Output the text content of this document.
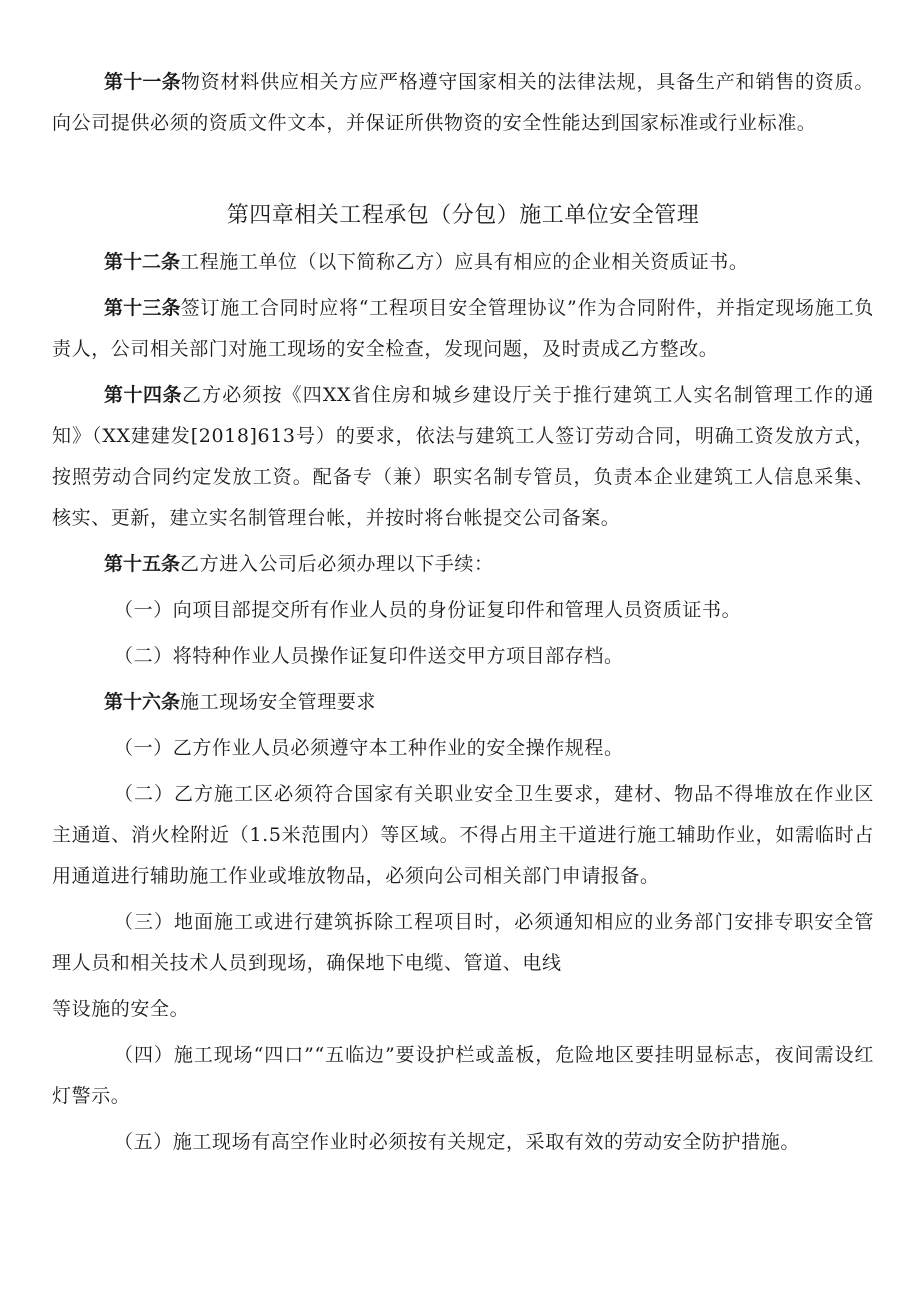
第十一条物资材料供应相关方应严格遵守国家相关的法律法规，具备生产和销售的资质。向公司提供必须的资质文件文本，并保证所供物资的安全性能达到国家标准或行业标准。

第四章相关工程承包（分包）施工单位安全管理

第十二条工程施工单位（以下简称乙方）应具有相应的企业相关资质证书。

第十三条签订施工合同时应将“工程项目安全管理协议”作为合同附件，并指定现场施工负责人，公司相关部门对施工现场的安全检查，发现问题，及时责成乙方整改。

第十四条乙方必须按《四XX省住房和城乡建设厅关于推行建筑工人实名制管理工作的通知》（XX建建发[2018]613号）的要求，依法与建筑工人签订劳动合同，明确工资发放方式，按照劳动合同约定发放工资。配备专（兼）职实名制专管员，负责本企业建筑工人信息采集、核实、更新，建立实名制管理台帐，并按时将台帐提交公司备案。

第十五条乙方进入公司后必须办理以下手续：

（一）向项目部提交所有作业人员的身份证复印件和管理人员资质证书。

（二）将特种作业人员操作证复印件送交甲方项目部存档。

第十六条施工现场安全管理要求

（一）乙方作业人员必须遵守本工种作业的安全操作规程。

（二）乙方施工区必须符合国家有关职业安全卫生要求，建材、物品不得堆放在作业区主通道、消火栓附近（1.5米范围内）等区域。不得占用主干道进行施工辅助作业，如需临时占用通道进行辅助施工作业或堆放物品，必须向公司相关部门申请报备。

（三）地面施工或进行建筑拆除工程项目时，必须通知相应的业务部门安排专职安全管理人员和相关技术人员到现场，确保地下电缆、管道、电线

等设施的安全。

（四）施工现场“四口”“五临边”要设护栏或盖板，危险地区要挂明显标志，夜间需设红灯警示。

（五）施工现场有高空作业时必须按有关规定，采取有效的劳动安全防护措施。
